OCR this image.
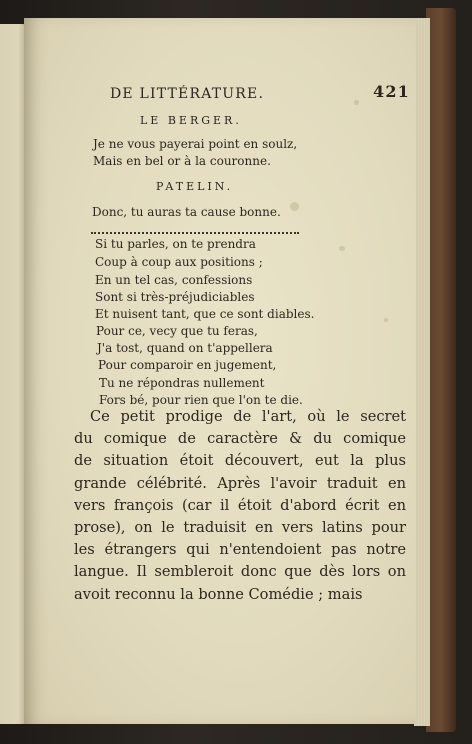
DE LITTÉRATURE.	421
LE BERGER.
Je ne vous payerai point en soulz,
Mais en bel or à la couronne.
PATELIN.
Donc, tu auras ta cause bonne.
Si tu parles, on te prendra
Coup à coup aux positions ;
En un tel cas, confessions
Sont si très-préjudiciables
Et nuisent tant, que ce sont diables.
Pour ce, vecy que tu feras,
J'a tost, quand on t'appellera
Pour comparoir en jugement,
Tu ne répondras nullement
Fors bé, pour rien que l'on te die.
Ce petit prodige de l'art, où le secret
du comique de caractère & du comique
de situation étoit découvert, eut la plus
grande célébrité. Après l'avoir traduit en
vers françois (car il étoit d'abord écrit en
prose), on le traduisit en vers latins pour
les étrangers qui n'entendoient pas notre
langue. Il sembleroit donc que dès lors on
avoit reconnu la bonne Comédie ; mais
